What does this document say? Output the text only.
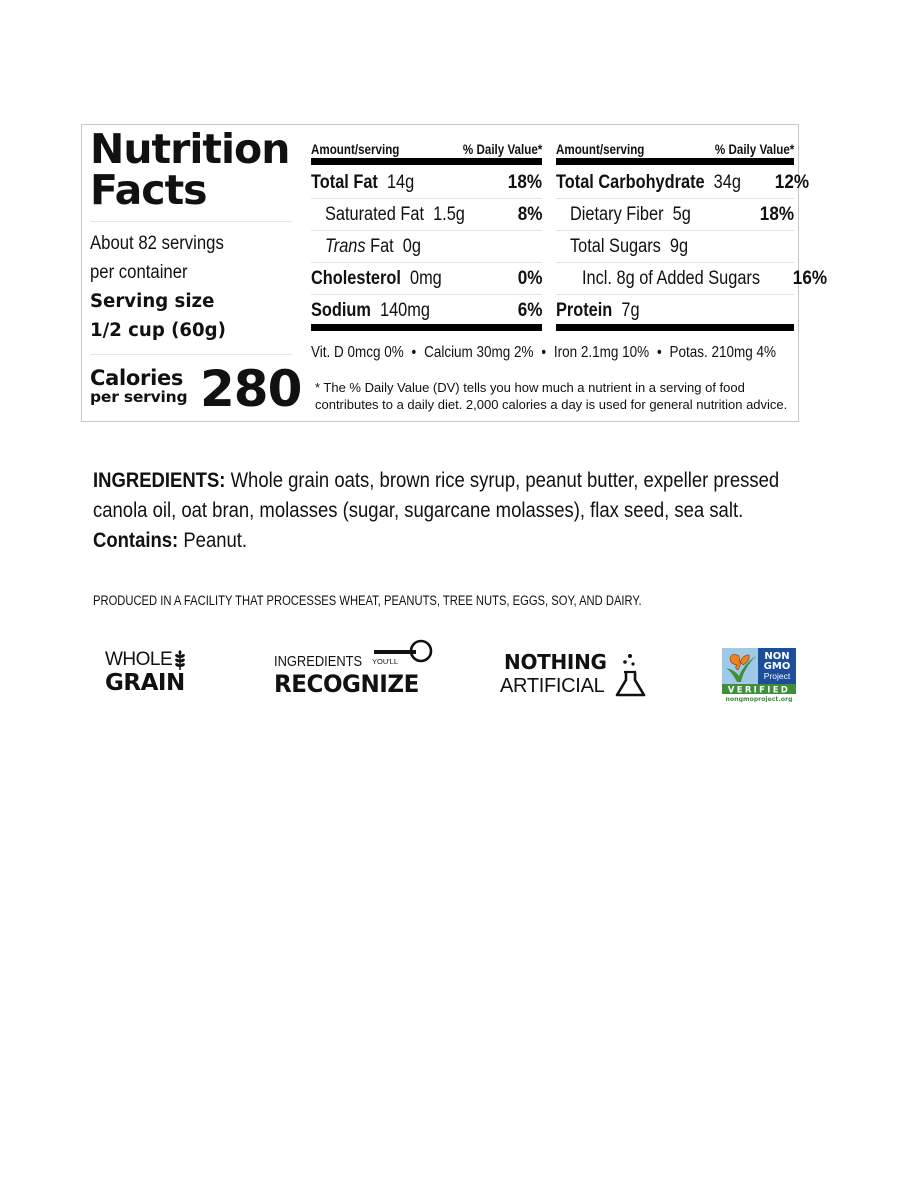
Nutrition
Facts
About 82 servings
per container
Serving size
1/2 cup (60g)
Calories
per serving 280
Amount/serving	% Daily Value*
Total Fat 14g	18%
Saturated Fat 1.5g	8%
Trans Fat 0g
Cholesterol 0mg	0%
Sodium 140mg	6%
Amount/serving	% Daily Value*
Total Carbohydrate 34g 12%
Dietary Fiber 5g	18%
Total Sugars 9g
Incl. 8g of Added Sugars 16%
Protein 7g
Vit. D 0mcg 0% • Calcium 30mg 2% • Iron 2.1mg 10% • Potas. 210mg 4%
* The % Daily Value (DV) tells you how much a nutrient in a serving of food
contributes to a daily diet. 2,000 calories a day is used for general nutrition advice.
INGREDIENTS: Whole grain oats, brown rice syrup, peanut butter, expeller pressed
canola oil, oat bran, molasses (sugar, sugarcane molasses), flax seed, sea salt.
Contains: Peanut.
PRODUCED IN A FACILITY THAT PROCESSES WHEAT, PEANUTS, TREE NUTS, EGGS, SOY, AND DAIRY.
WHOLE
GRAIN
INGREDIENTS YOU'LL
RECOGNIZE
NOTHING
ARTIFICIAL
NON
GMO
Project
VERIFIED
nongmoproject.org
